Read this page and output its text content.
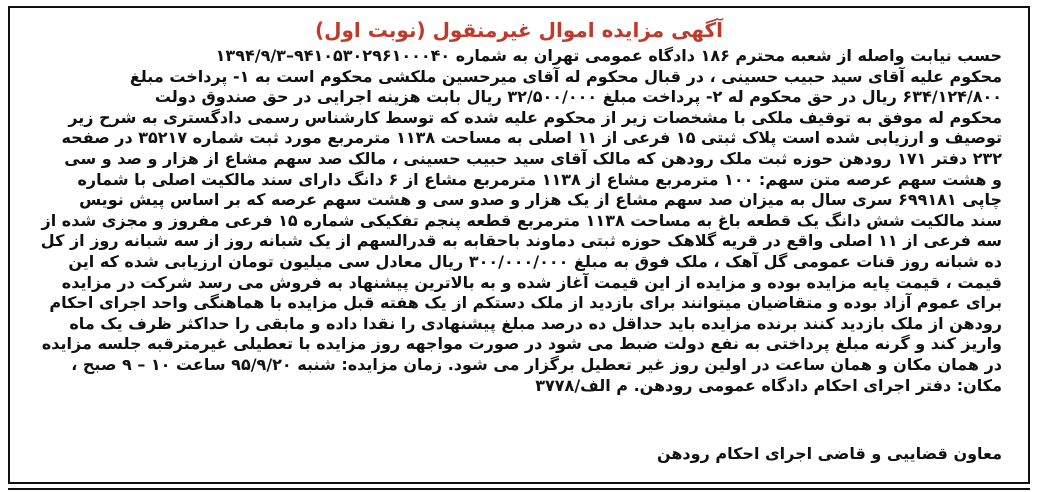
آگهی مزایده اموال غیرمنقول (نوبت اول)
حسب نیابت واصله از شعبه محترم ۱۸۶ دادگاه عمومی تهران به شماره ۹۴۱۰۵۳۰۲۹۶۱۰۰۰۴۰–۱۳۹۴/۹/۳
محکوم علیه آقای سید حبیب حسینی ، در قبال محکوم له آقای میرحسین ملکشی محکوم است به ۱- پرداخت مبلغ
۶۳۴/۱۲۴/۸۰۰ ریال در حق محکوم له ۲- پرداخت مبلغ ۳۲/۵۰۰/۰۰۰ ریال بابت هزینه اجرایی در حق صندوق دولت
محکوم له موفق به توقیف ملکی با مشخصات زیر از محکوم علیه شده که توسط کارشناس رسمی دادگستری به شرح زیر
توصیف و ارزیابی شده است پلاک ثبتی ۱۵ فرعی از ۱۱ اصلی به مساحت ۱۱۳۸ مترمربع مورد ثبت شماره ۳۵۲۱۷ در صفحه
۲۳۲ دفتر ۱۷۱ رودهن حوزه ثبت ملک رودهن که مالک آقای سید حبیب حسینی ، مالک صد سهم مشاع از هزار و صد و سی
و هشت سهم عرصه متن سهم: ۱۰۰ مترمربع مشاع از ۱۱۳۸ مترمربع مشاع از ۶ دانگ دارای سند مالکیت اصلی با شماره
چاپی ۶۹۹۱۸۱ سری سال به میزان صد سهم مشاع از یک هزار و صدو سی و هشت سهم عرصه که بر اساس پیش نویس
سند مالکیت شش دانگ یک قطعه باغ به مساحت ۱۱۳۸ مترمربع قطعه پنجم تفکیکی شماره ۱۵ فرعی مفروز و مجزی شده از
سه فرعی از ۱۱ اصلی واقع در قریه گلاهک حوزه ثبتی دماوند باحقابه به قدرالسهم از یک شبانه روز از سه شبانه روز از کل
ده شبانه روز قنات عمومی گل آهک ، ملک فوق به مبلغ ۳۰۰/۰۰۰/۰۰۰ ریال معادل سی میلیون تومان ارزیابی شده که این
قیمت ، قیمت پایه مزایده بوده و مزایده از این قیمت آغاز شده و به بالاترین پیشنهاد به فروش می رسد شرکت در مزایده
برای عموم آزاد بوده و متقاضیان میتوانند برای بازدید از ملک دستکم از یک هفته قبل مزایده با هماهنگی واحد اجرای احکام
رودهن از ملک بازدید کنند برنده مزایده باید حداقل ده درصد مبلغ پیشنهادی را نقدا داده و مابقی را حداکثر ظرف یک ماه
واریز کند و گرنه مبلغ پرداختی به نفع دولت ضبط می شود در صورت مواجهه روز مزایده با تعطیلی غیرمترقبه جلسه مزایده
در همان مکان و همان ساعت در اولین روز غیر تعطیل برگزار می شود. زمان مزایده: شنبه ۹۵/۹/۲۰ ساعت ۱۰ – ۹ صبح ،
مکان: دفتر اجرای احکام دادگاه عمومی رودهن. م الف/۳۷۷۸
معاون قضاییی و قاضی اجرای احکام رودهن
